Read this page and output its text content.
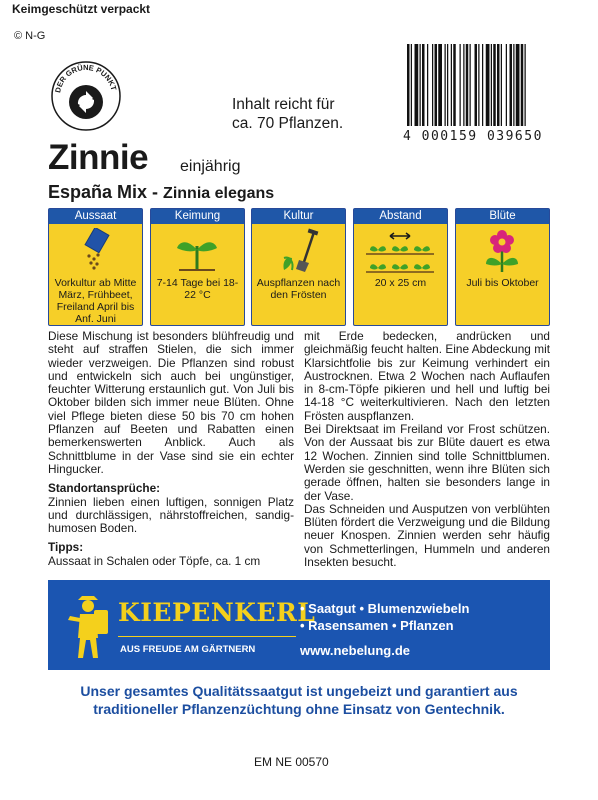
Keimgeschützt verpackt
© N-G
DER GRÜNE PUNKT
Inhalt reicht für
ca. 70 Pflanzen.
4 000159 039650
Zinnie einjährig
España Mix - Zinnia elegans
Aussaat
Vorkultur ab Mitte März, Frühbeet, Freiland April bis Anf. Juni
Keimung
7-14 Tage bei 18-22 °C
Kultur
Auspflanzen nach den Frösten
Abstand
20 x 25 cm
Blüte
Juli bis Oktober

Diese Mischung ist besonders blühfreudig und steht auf straffen Stielen, die sich immer wieder verzweigen. Die Pflanzen sind robust und entwickeln sich auch bei ungünstiger, feuchter Witterung erstaunlich gut. Von Juli bis Oktober bilden sich immer neue Blüten. Ohne viel Pflege bieten diese 50 bis 70 cm hohen Pflanzen auf Beeten und Rabatten einen bemerkenswerten Anblick. Auch als Schnittblume in der Vase sind sie ein echter Hingucker.

Standortansprüche:

Zinnien lieben einen luftigen, sonnigen Platz und durchlässigen, nährstoffreichen, sandig-humosen Boden.

Tipps:

Aussaat in Schalen oder Töpfe, ca. 1 cm

mit Erde bedecken, andrücken und gleichmäßig feucht halten. Eine Abdeckung mit Klarsichtfolie bis zur Keimung verhindert ein Austrocknen. Etwa 2 Wochen nach Auflaufen in 8-cm-Töpfe pikieren und hell und luftig bei 14-18 °C weiterkultivieren. Nach den letzten Frösten auspflanzen.

Bei Direktsaat im Freiland vor Frost schützen. Von der Aussaat bis zur Blüte dauert es etwa 12 Wochen. Zinnien sind tolle Schnittblumen. Werden sie geschnitten, wenn ihre Blüten sich gerade öffnen, halten sie besonders lange in der Vase.

Das Schneiden und Ausputzen von verblühten Blüten fördert die Verzweigung und die Bildung neuer Knospen. Zinnien werden sehr häufig von Schmetterlingen, Hummeln und anderen Insekten besucht.

KIEPENKERL
AUS FREUDE AM GÄRTNERN
• Saatgut • Blumenzwiebeln
• Rasensamen • Pflanzen
www.nebelung.de
Unser gesamtes Qualitätssaatgut ist ungebeizt und garantiert aus traditioneller Pflanzenzüchtung ohne Einsatz von Gentechnik.
EM NE 00570
